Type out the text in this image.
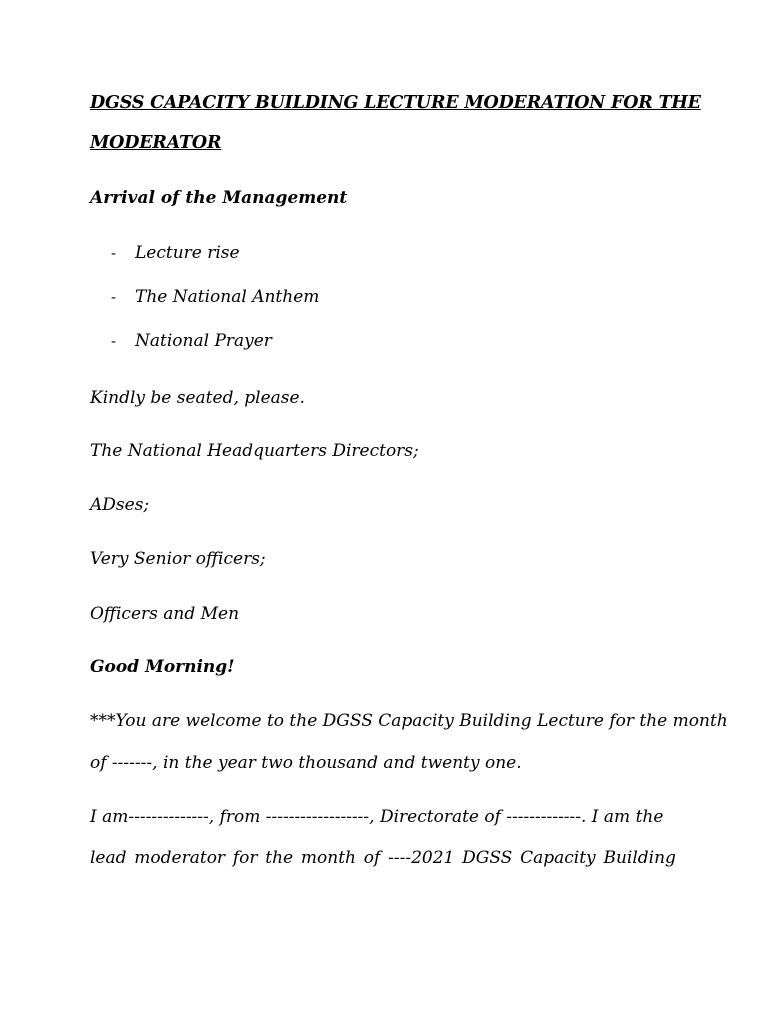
DGSS CAPACITY BUILDING LECTURE MODERATION FOR THE
MODERATOR
Arrival of the Management
- Lecture rise
- The National Anthem
- National Prayer
Kindly be seated, please.
The National Headquarters Directors;
ADses;
Very Senior officers;
Officers and Men
Good Morning!
***You are welcome to the DGSS Capacity Building Lecture for the month
of -------, in the year two thousand and twenty one.
I am--------------, from ------------------, Directorate of -------------. I am the
lead moderator for the month of ----2021 DGSS Capacity Building
